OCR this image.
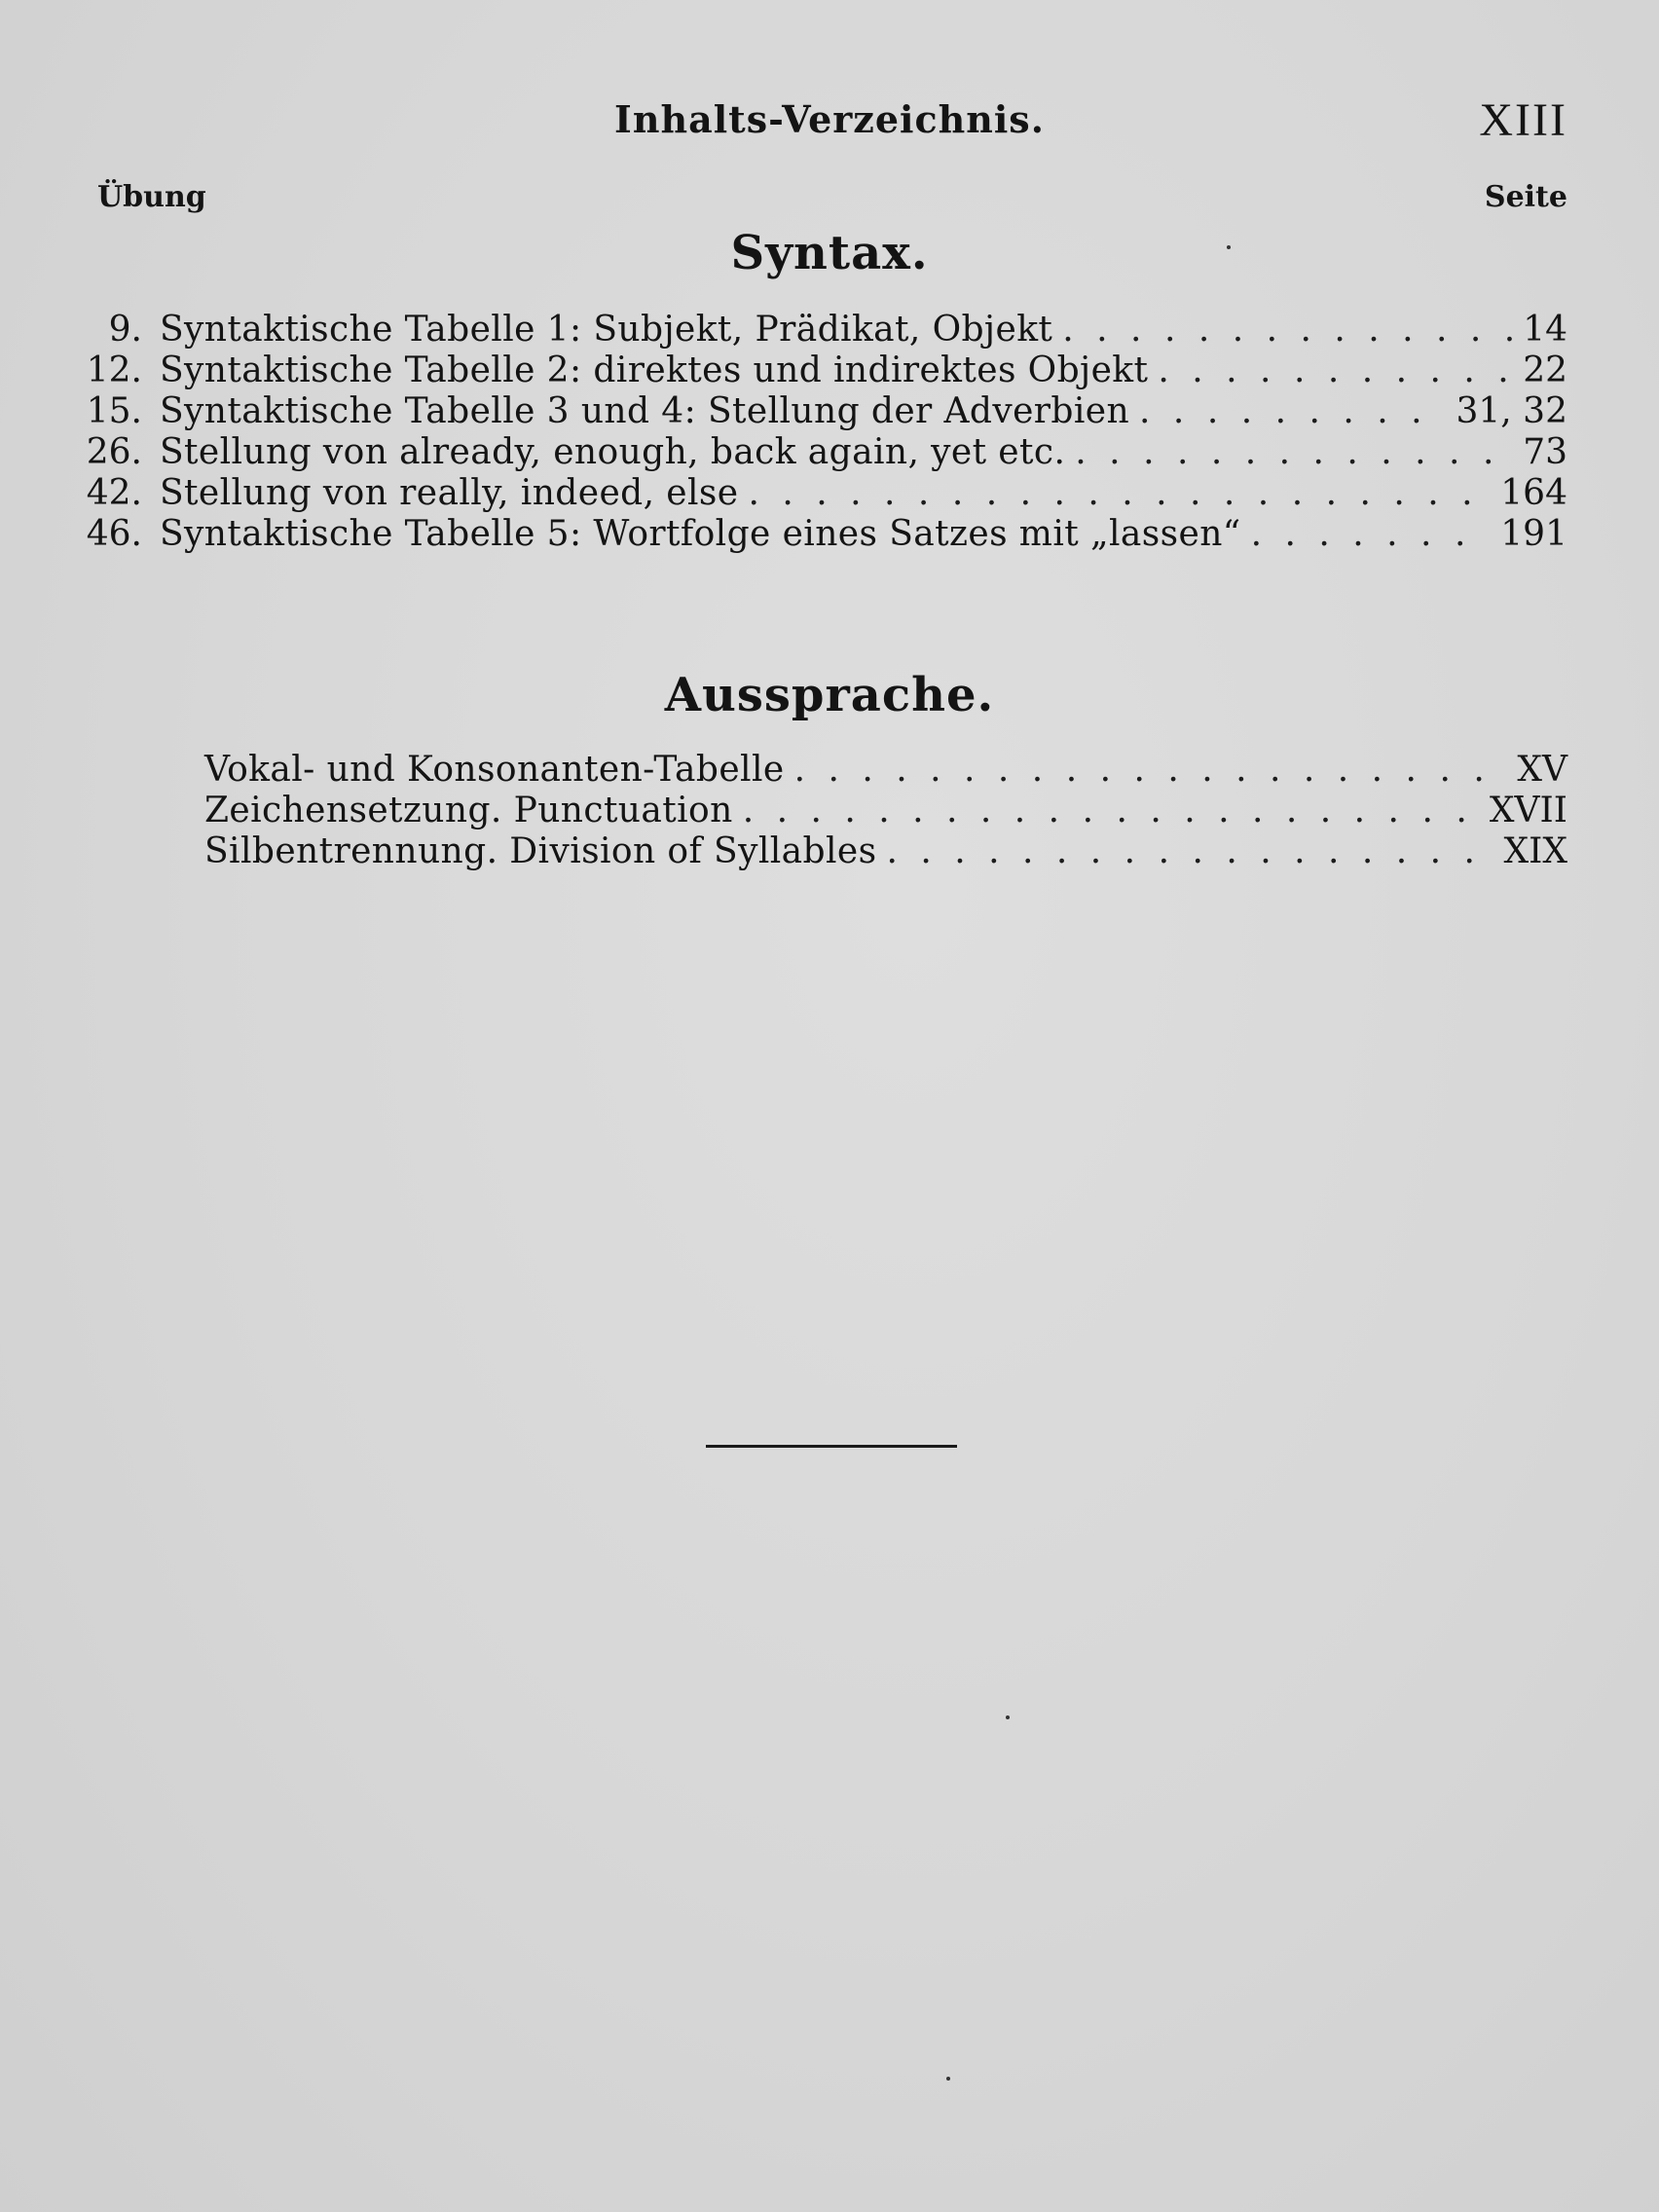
Inhalts-Verzeichnis.	XIII
Übung	Seite
Syntax.
9. Syntaktische Tabelle 1: Subjekt, Prädikat, Objekt . . .	14
12. Syntaktische Tabelle 2: direktes und indirektes Objekt . . .	22
15. Syntaktische Tabelle 3 und 4: Stellung der Adverbien . . .	31, 32
26. Stellung von already, enough, back again, yet etc. . . .	73
42. Stellung von really, indeed, else . . .	164
46. Syntaktische Tabelle 5: Wortfolge eines Satzes mit „lassen“ . . .	191
Aussprache.
Vokal- und Konsonanten-Tabelle . . .	XV
Zeichensetzung. Punctuation . . .	XVII
Silbentrennung. Division of Syllables . . .	XIX
